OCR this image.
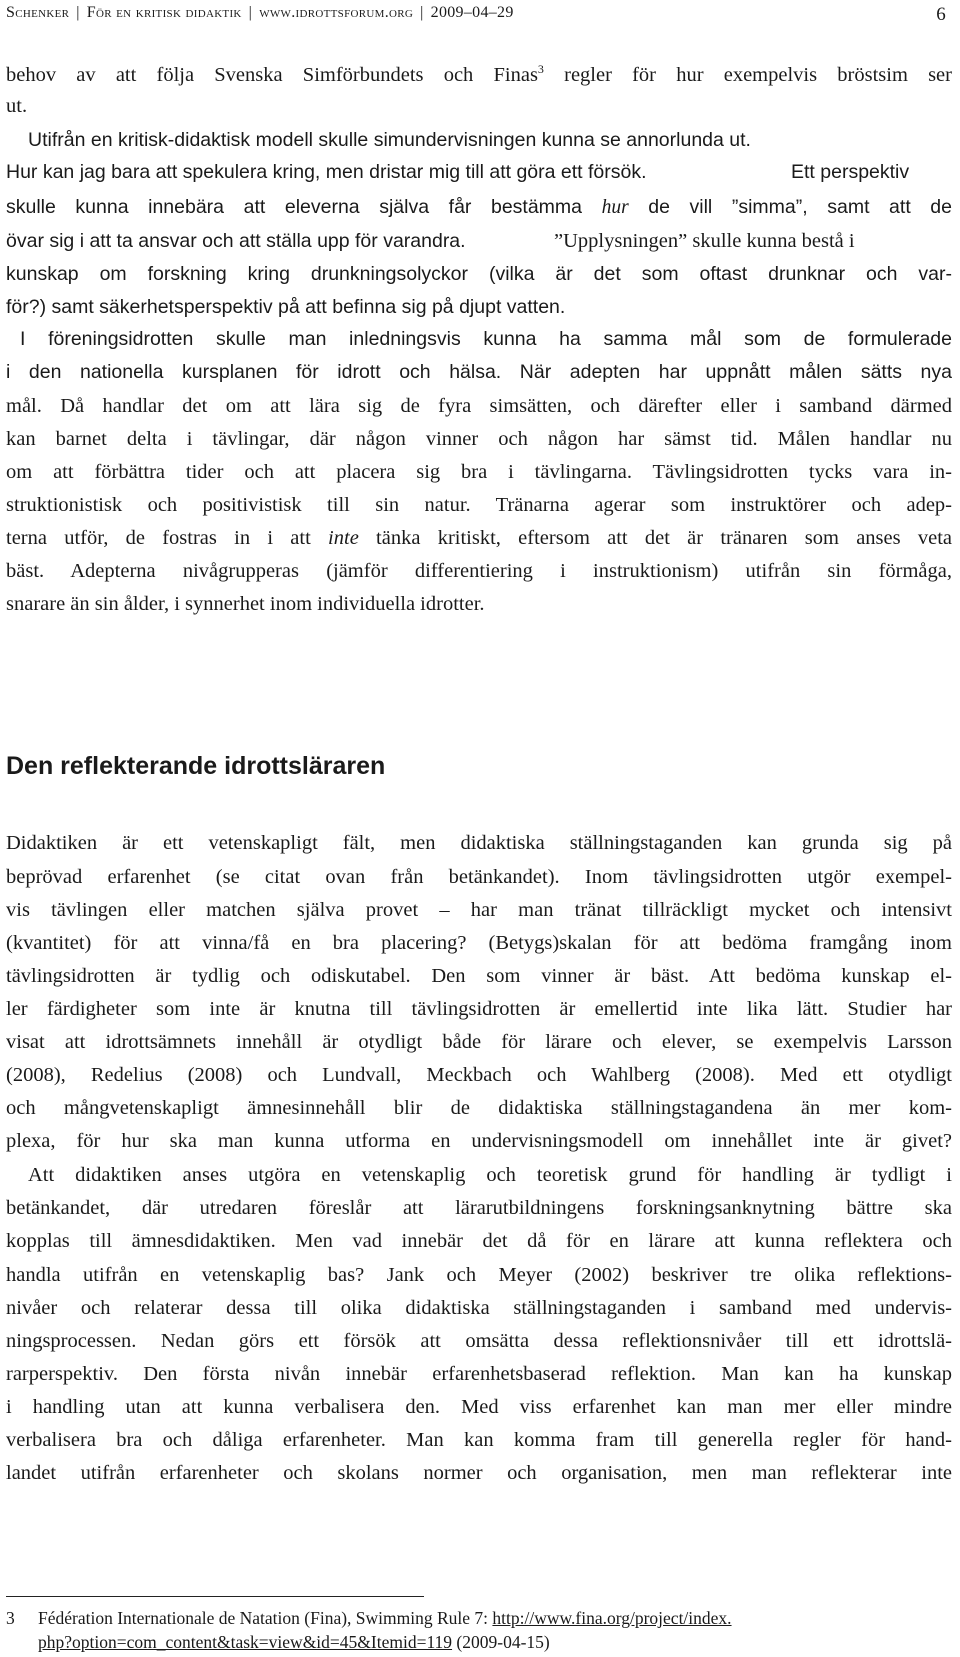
Schenker | För en kritisk didaktik | www.idrottsforum.org | 2009–04–29	6
behov av att följa Svenska Simförbundets och Finas$^3$ regler för hur exempelvis bröstsim ser
ut.
Utifrån en kritisk-didaktisk modell skulle simundervisningen kunna se annorlunda ut.
Hur kan jag bara att spekulera kring, men dristar mig till att göra ett försök.	Ett perspektiv
skulle kunna innebära att eleverna själva får bestämma hur de vill ”simma”, samt att de
övar sig i att ta ansvar och att ställa upp för varandra.	”Upplysningen” skulle kunna bestå i
kunskap om forskning kring drunkningsolyckor (vilka är det som oftast drunknar och var-
för?) samt säkerhetsperspektiv på att befinna sig på djupt vatten.
I föreningsidrotten skulle man inledningsvis kunna ha samma mål som de formulerade
i den nationella kursplanen för idrott och hälsa. När adepten har uppnått målen sätts nya
mål. Då handlar det om att lära sig de fyra simsätten, och därefter eller i samband därmed
kan barnet delta i tävlingar, där någon vinner och någon har sämst tid. Målen handlar nu
om att förbättra tider och att placera sig bra i tävlingarna. Tävlingsidrotten tycks vara in-
struktionistisk och positivistisk till sin natur. Tränarna agerar som instruktörer och adep-
terna utför, de fostras in i att inte tänka kritiskt, eftersom att det är tränaren som anses veta
bäst. Adepterna nivågrupperas (jämför differentiering i instruktionism) utifrån sin förmåga,
snarare än sin ålder, i synnerhet inom individuella idrotter.
Didaktiken är ett vetenskapligt fält, men didaktiska ställningstaganden kan grunda sig på
beprövad erfarenhet (se citat ovan från betänkandet). Inom tävlingsidrotten utgör exempel-
vis tävlingen eller matchen själva provet – har man tränat tillräckligt mycket och intensivt
(kvantitet) för att vinna/få en bra placering? (Betygs)skalan för att bedöma framgång inom
tävlingsidrotten är tydlig och odiskutabel. Den som vinner är bäst. Att bedöma kunskap el-
ler färdigheter som inte är knutna till tävlingsidrotten är emellertid inte lika lätt. Studier har
visat att idrottsämnets innehåll är otydligt både för lärare och elever, se exempelvis Larsson
(2008), Redelius (2008) och Lundvall, Meckbach och Wahlberg (2008). Med ett otydligt
och mångvetenskapligt ämnesinnehåll blir de didaktiska ställningstagandena än mer kom-
plexa, för hur ska man kunna utforma en undervisningsmodell om innehållet inte är givet?
Att didaktiken anses utgöra en vetenskaplig och teoretisk grund för handling är tydligt i
betänkandet, där utredaren föreslår att lärarutbildningens forskningsanknytning bättre ska
kopplas till ämnesdidaktiken. Men vad innebär det då för en lärare att kunna reflektera och
handla utifrån en vetenskaplig bas? Jank och Meyer (2002) beskriver tre olika reflektions-
nivåer och relaterar dessa till olika didaktiska ställningstaganden i samband med undervis-
ningsprocessen. Nedan görs ett försök att omsätta dessa reflektionsnivåer till ett idrottslä-
rarperspektiv. Den första nivån innebär erfarenhetsbaserad reflektion. Man kan ha kunskap
i handling utan att kunna verbalisera den. Med viss erfarenhet kan man mer eller mindre
verbalisera bra och dåliga erfarenheter. Man kan komma fram till generella regler för hand-
landet utifrån erfarenheter och skolans normer och organisation, men man reflekterar inte
Den reflekterande idrottsläraren
3 Fédération Internationale de Natation (Fina), Swimming Rule 7: http://www.fina.org/project/index.
php?option=com_content&task=view&id=45&Itemid=119 (2009-04-15)
